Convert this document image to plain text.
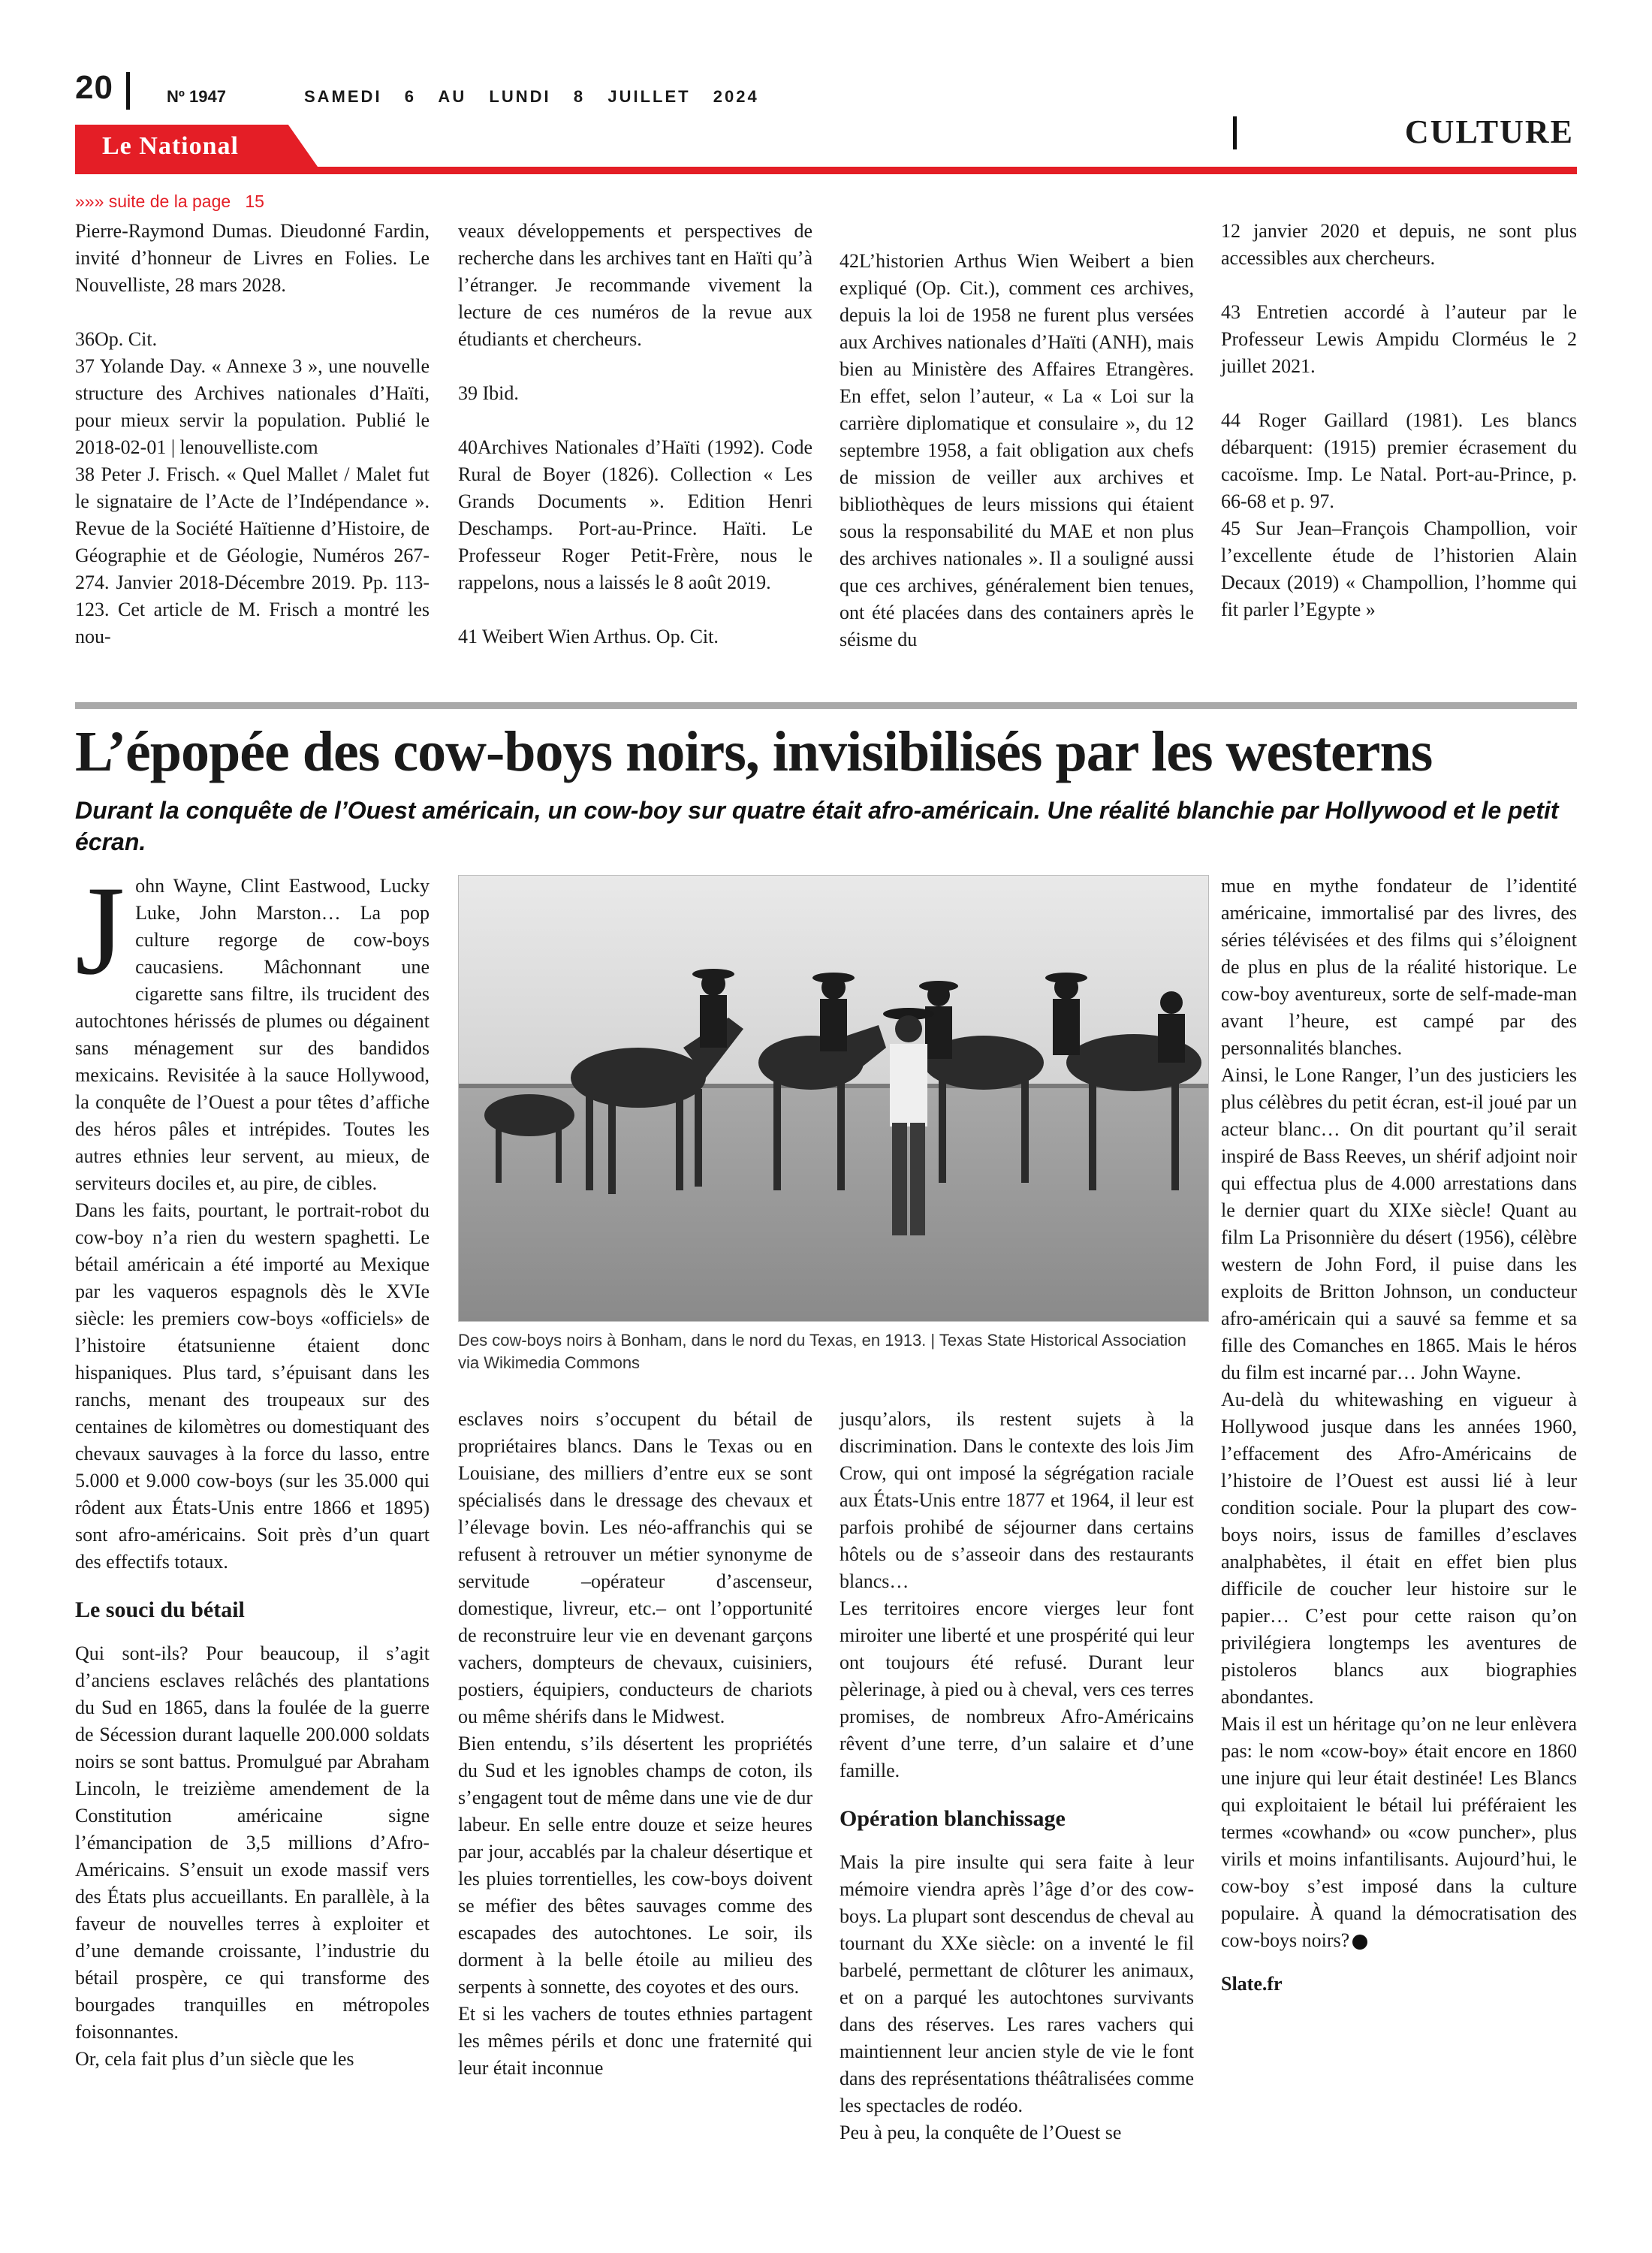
20	Nº 1947	SAMEDI  6  AU  LUNDI  8  JUILLET  2024
CULTURE
Le National
»»» suite de la page   15

Pierre-Raymond Dumas. Dieudonné Fardin, invité d’honneur de Livres en Folies. Le Nouvelliste, 28 mars 2028.

36Op. Cit.

37 Yolande Day. « Annexe 3 », une nouvelle structure des Archives nationales d’Haïti, pour mieux servir la population. Publié le 2018-02-01 | lenouvelliste.com

38 Peter J. Frisch. « Quel Mallet / Malet fut le signataire de l’Acte de l’Indépendance ». Revue de la Société Haïtienne d’Histoire, de Géographie et de Géologie, Numéros 267-274. Janvier 2018-Décembre 2019. Pp. 113-123. Cet article de M. Frisch a montré les nou-

veaux développements et perspectives de recherche dans les archives tant en Haïti qu’à l’étranger. Je recommande vivement la lecture de ces numéros de la revue aux étudiants et chercheurs.

39 Ibid.

40Archives Nationales d’Haïti (1992). Code Rural de Boyer (1826). Collection « Les Grands Documents ». Edition Henri Deschamps. Port-au-Prince. Haïti. Le Professeur Roger Petit-Frère, nous le rappelons, nous a laissés le 8 août 2019.

41 Weibert Wien Arthus. Op. Cit.

42L’historien Arthus Wien Weibert a bien expliqué (Op. Cit.), comment ces archives, depuis la loi de 1958 ne furent plus versées aux Archives nationales d’Haïti (ANH), mais bien au Ministère des Affaires Etrangères. En effet, selon l’auteur, « La « Loi sur la carrière diplomatique et consulaire », du 12 septembre 1958, a fait obligation aux chefs de mission de veiller aux archives et bibliothèques de leurs missions qui étaient sous la responsabilité du MAE et non plus des archives nationales ». Il a souligné aussi que ces archives, généralement bien tenues, ont été placées dans des containers après le séisme du

12 janvier 2020 et depuis, ne sont plus accessibles aux chercheurs.

43 Entretien accordé à l’auteur par le Professeur Lewis Ampidu Clorméus le 2 juillet 2021.

44 Roger Gaillard (1981). Les blancs débarquent: (1915) premier écrasement du cacoïsme. Imp. Le Natal. Port-au-Prince, p. 66-68 et p. 97.

45 Sur Jean–François Champollion, voir l’excellente étude de l’historien Alain Decaux (2019) « Champollion, l’homme qui fit parler l’Egypte »

L’épopée des cow-boys noirs, invisibilisés par les westerns
Durant la conquête de l’Ouest américain, un cow-boy sur quatre était afro-américain. Une réalité blanchie par Hollywood et le petit écran.

John Wayne, Clint Eastwood, Lucky Luke, John Marston… La pop culture regorge de cow-boys caucasiens. Mâchonnant une cigarette sans filtre, ils trucident des autochtones hérissés de plumes ou dégainent sans ménagement sur des bandidos mexicains. Revisitée à la sauce Hollywood, la conquête de l’Ouest a pour têtes d’affiche des héros pâles et intrépides. Toutes les autres ethnies leur servent, au mieux, de serviteurs dociles et, au pire, de cibles.

Dans les faits, pourtant, le portrait-robot du cow-boy n’a rien du western spaghetti. Le bétail américain a été importé au Mexique par les vaqueros espagnols dès le XVIe siècle: les premiers cow-boys «officiels» de l’histoire étatsunienne étaient donc hispaniques. Plus tard, s’épuisant dans les ranchs, menant des troupeaux sur des centaines de kilomètres ou domestiquant des chevaux sauvages à la force du lasso, entre 5.000 et 9.000 cow-boys (sur les 35.000 qui rôdent aux États-Unis entre 1866 et 1895) sont afro-américains. Soit près d’un quart des effectifs totaux.

Le souci du bétail

Qui sont-ils? Pour beaucoup, il s’agit d’anciens esclaves relâchés des plantations du Sud en 1865, dans la foulée de la guerre de Sécession durant laquelle 200.000 soldats noirs se sont battus. Promulgué par Abraham Lincoln, le treizième amendement de la Constitution américaine signe l’émancipation de 3,5 millions d’Afro-Américains. S’ensuit un exode massif vers des États plus accueillants. En parallèle, à la faveur de nouvelles terres à exploiter et d’une demande croissante, l’industrie du bétail prospère, ce qui transforme des bourgades tranquilles en métropoles foisonnantes.

Or, cela fait plus d’un siècle que les

Des cow-boys noirs à Bonham, dans le nord du Texas, en 1913. | Texas State Historical Association via Wikimedia Commons

esclaves noirs s’occupent du bétail de propriétaires blancs. Dans le Texas ou en Louisiane, des milliers d’entre eux se sont spécialisés dans le dressage des chevaux et l’élevage bovin. Les néo-affranchis qui se refusent à retrouver un métier synonyme de servitude –opérateur d’ascenseur, domestique, livreur, etc.– ont l’opportunité de reconstruire leur vie en devenant garçons vachers, dompteurs de chevaux, cuisiniers, postiers, équipiers, conducteurs de chariots ou même shérifs dans le Midwest.

Bien entendu, s’ils désertent les propriétés du Sud et les ignobles champs de coton, ils s’engagent tout de même dans une vie de dur labeur. En selle entre douze et seize heures par jour, accablés par la chaleur désertique et les pluies torrentielles, les cow-boys doivent se méfier des bêtes sauvages comme des escapades des autochtones. Le soir, ils dorment à la belle étoile au milieu des serpents à sonnette, des coyotes et des ours.

Et si les vachers de toutes ethnies partagent les mêmes périls et donc une fraternité qui leur était inconnue

jusqu’alors, ils restent sujets à la discrimination. Dans le contexte des lois Jim Crow, qui ont imposé la ségrégation raciale aux États-Unis entre 1877 et 1964, il leur est parfois prohibé de séjourner dans certains hôtels ou de s’asseoir dans des restaurants blancs…

Les territoires encore vierges leur font miroiter une liberté et une prospérité qui leur ont toujours été refusé. Durant leur pèlerinage, à pied ou à cheval, vers ces terres promises, de nombreux Afro-Américains rêvent d’une terre, d’un salaire et d’une famille.

Opération blanchissage

Mais la pire insulte qui sera faite à leur mémoire viendra après l’âge d’or des cow-boys. La plupart sont descendus de cheval au tournant du XXe siècle: on a inventé le fil barbelé, permettant de clôturer les animaux, et on a parqué les autochtones survivants dans des réserves. Les rares vachers qui maintiennent leur ancien style de vie le font dans des représentations théâtralisées comme les spectacles de rodéo.

Peu à peu, la conquête de l’Ouest se

mue en mythe fondateur de l’identité américaine, immortalisé par des livres, des séries télévisées et des films qui s’éloignent de plus en plus de la réalité historique. Le cow-boy aventureux, sorte de self-made-man avant l’heure, est campé par des personnalités blanches.

Ainsi, le Lone Ranger, l’un des justiciers les plus célèbres du petit écran, est-il joué par un acteur blanc… On dit pourtant qu’il serait inspiré de Bass Reeves, un shérif adjoint noir qui effectua plus de 4.000 arrestations dans le dernier quart du XIXe siècle! Quant au film La Prisonnière du désert (1956), célèbre western de John Ford, il puise dans les exploits de Britton Johnson, un conducteur afro-américain qui a sauvé sa femme et sa fille des Comanches en 1865. Mais le héros du film est incarné par… John Wayne.

Au-delà du whitewashing en vigueur à Hollywood jusque dans les années 1960, l’effacement des Afro-Américains de l’histoire de l’Ouest est aussi lié à leur condition sociale. Pour la plupart des cow-boys noirs, issus de familles d’esclaves analphabètes, il était en effet bien plus difficile de coucher leur histoire sur le papier… C’est pour cette raison qu’on privilégiera longtemps les aventures de pistoleros blancs aux biographies abondantes.

Mais il est un héritage qu’on ne leur enlèvera pas: le nom «cow-boy» était encore en 1860 une injure qui leur était destinée! Les Blancs qui exploitaient le bétail lui préféraient les termes «cowhand» ou «cow puncher», plus virils et moins infantilisants. Aujourd’hui, le cow-boy s’est imposé dans la culture populaire. À quand la démocratisation des cow-boys noirs?

Slate.fr
